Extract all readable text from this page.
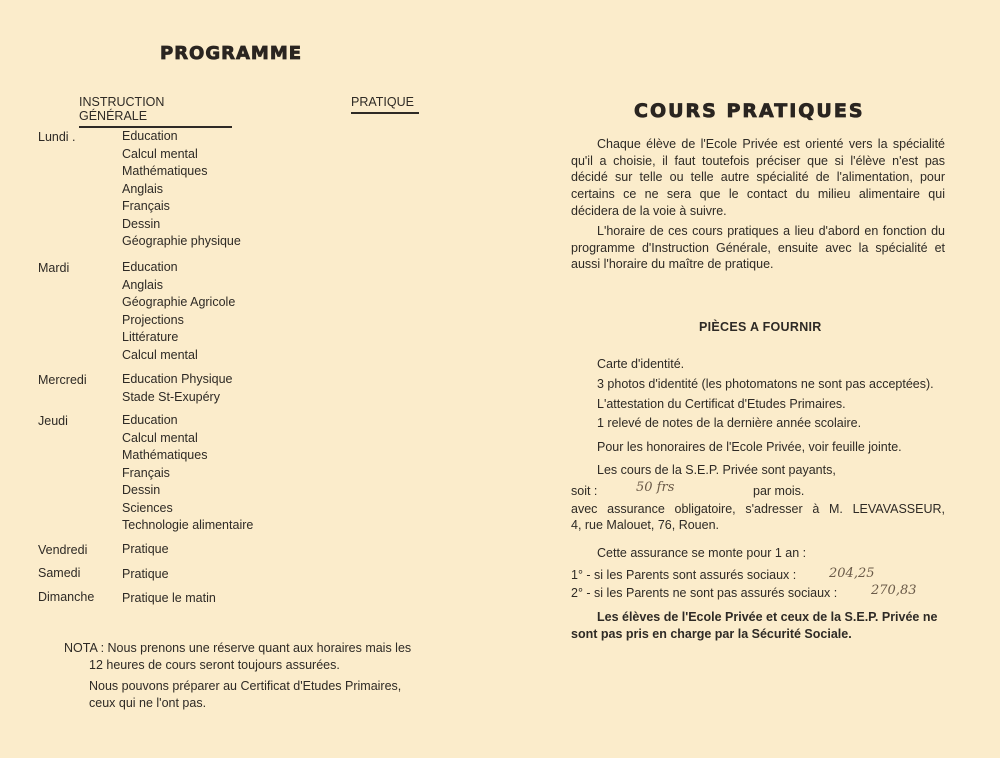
PROGRAMME
INSTRUCTION GÉNÉRALE
PRATIQUE
Lundi .	Education
Calcul mental
Mathématiques
Anglais
Français
Dessin
Géographie physique
Mardi	Education
Anglais
Géographie Agricole
Projections
Littérature
Calcul mental
Mercredi	Education Physique
Stade St-Exupéry
Jeudi	Education
Calcul mental
Mathématiques
Français
Dessin
Sciences
Technologie alimentaire
Vendredi	Pratique
Samedi	Pratique
Dimanche Pratique le matin
NOTA : Nous prenons une réserve quant aux horaires mais les
12 heures de cours seront toujours assurées.
Nous pouvons préparer au Certificat d'Etudes Primaires,
ceux qui ne l'ont pas.
COURS PRATIQUES
Chaque élève de l'Ecole Privée est orienté vers la spécialité qu'il a choisie, il faut toutefois préciser que si l'élève n'est pas décidé sur telle ou telle autre spécialité de l'alimentation, pour certains ce ne sera que le contact du milieu alimentaire qui décidera de la voie à suivre.
L'horaire de ces cours pratiques a lieu d'abord en fonction du programme d'Instruction Générale, ensuite avec la spécialité et aussi l'horaire du maître de pratique.
PIÈCES A FOURNIR
Carte d'identité.
3 photos d'identité (les photomatons ne sont pas acceptées).
L'attestation du Certificat d'Etudes Primaires.
1 relevé de notes de la dernière année scolaire.
Pour les honoraires de l'Ecole Privée, voir feuille jointe.
Les cours de la S.E.P. Privée sont payants,
soit :	50 frs	par mois.
avec assurance obligatoire, s'adresser à M. LEVAVASSEUR,
4, rue Malouet, 76, Rouen.
Cette assurance se monte pour 1 an :
1° - si les Parents sont assurés sociaux :	204,25
2° - si les Parents ne sont pas assurés sociaux :	270,83
Les élèves de l'Ecole Privée et ceux de la S.E.P. Privée ne
sont pas pris en charge par la Sécurité Sociale.
